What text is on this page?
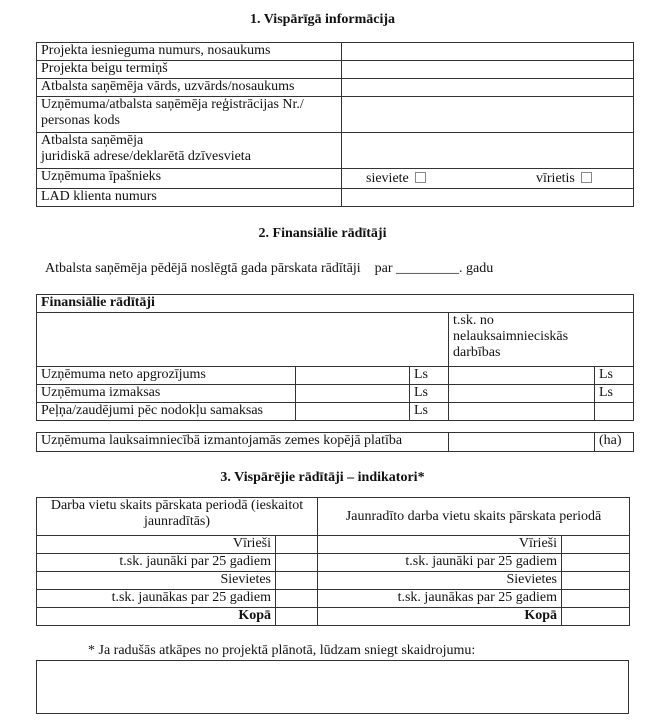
1. Vispārīgā informācija
Projekta iesnieguma numurs, nosaukums	
Projekta beigu termiņš	
Atbalsta saņēmēja vārds, uzvārds/nosaukums	
Uzņēmuma/atbalsta saņēmēja reģistrācijas Nr./
personas kods	
Atbalsta saņēmēja
juridiskā adrese/deklarētā dzīvesvieta	
Uzņēmuma īpašnieks	sieviete vīrietis

LAD klienta numurs	
2. Finansiālie rādītāji
Atbalsta saņēmēja pēdējā noslēgtā gada pārskata rādītāji par _________. gadu
Finansiālie rādītāji				
			t.sk. no
nelauksaimnieciskās
darbības	
Uzņēmuma neto apgrozījums		Ls		Ls
Uzņēmuma izmaksas		Ls		Ls
Peļņa/zaudējumi pēc nodokļu samaksas		Ls		
Uzņēmuma lauksaimniecībā izmantojamās zemes kopējā platība		(ha)
3. Vispārējie rādītāji – indikatori*
Darba vietu skaits pārskata periodā (ieskaitot
jaunradītās)		Jaunradīto darba vietu skaits pārskata periodā	
Vīrieši		Vīrieši	
t.sk. jaunāki par 25 gadiem		t.sk. jaunāki par 25 gadiem	
Sievietes		Sievietes	
t.sk. jaunākas par 25 gadiem		t.sk. jaunākas par 25 gadiem	
Kopā		Kopā	
* Ja radušās atkāpes no projektā plānotā, lūdzam sniegt skaidrojumu:
